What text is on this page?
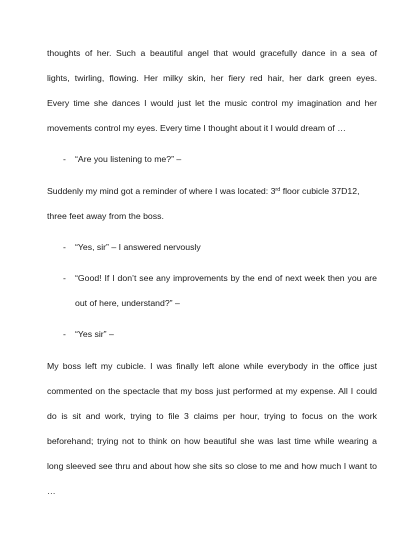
thoughts of her. Such a beautiful angel that would gracefully dance in a sea of
lights, twirling, flowing. Her milky skin, her fiery red hair, her dark green eyes.
Every time she dances I would just let the music control my imagination and her
movements control my eyes. Every time I thought about it I would dream of …
- “Are you listening to me?” –
Suddenly my mind got a reminder of where I was located: 3rd floor cubicle 37D12,
three feet away from the boss.
- “Yes, sir” – I answered nervously
- “Good! If I don’t see any improvements by the end of next week then you are
out of here, understand?” –
- “Yes sir” –
My boss left my cubicle. I was finally left alone while everybody in the office just
commented on the spectacle that my boss just performed at my expense. All I could
do is sit and work, trying to file 3 claims per hour, trying to focus on the work
beforehand; trying not to think on how beautiful she was last time while wearing a
long sleeved see thru and about how she sits so close to me and how much I want to
…
